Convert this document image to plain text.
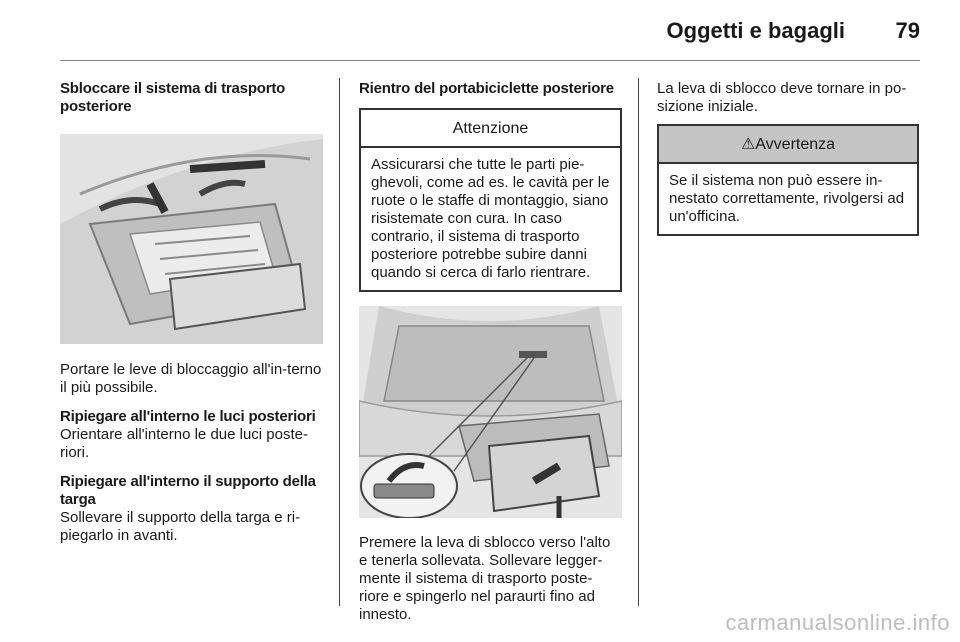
Oggetti e bagagli 79

Sbloccare il sistema di trasporto posteriore

Portare le leve di bloccaggio all'in-terno il più possibile.

Ripiegare all'interno le luci posteriori

Orientare all'interno le due luci poste-riori.

Ripiegare all'interno il supporto della targa

Sollevare il supporto della targa e ri-piegarlo in avanti.

Rientro del portabiciclette posteriore

Attenzione
Assicurarsi che tutte le parti pie-ghevoli, come ad es. le cavità per le ruote o le staffe di montaggio, siano risistemate con cura. In caso contrario, il sistema di trasporto posteriore potrebbe subire danni quando si cerca di farlo rientrare.

Premere la leva di sblocco verso l'alto e tenerla sollevata. Sollevare legger-mente il sistema di trasporto poste-riore e spingerlo nel paraurti fino ad innesto.

La leva di sblocco deve tornare in po-sizione iniziale.

⚠Avvertenza
Se il sistema non può essere in-nestato correttamente, rivolgersi ad un'officina.
carmanualsonline.info
